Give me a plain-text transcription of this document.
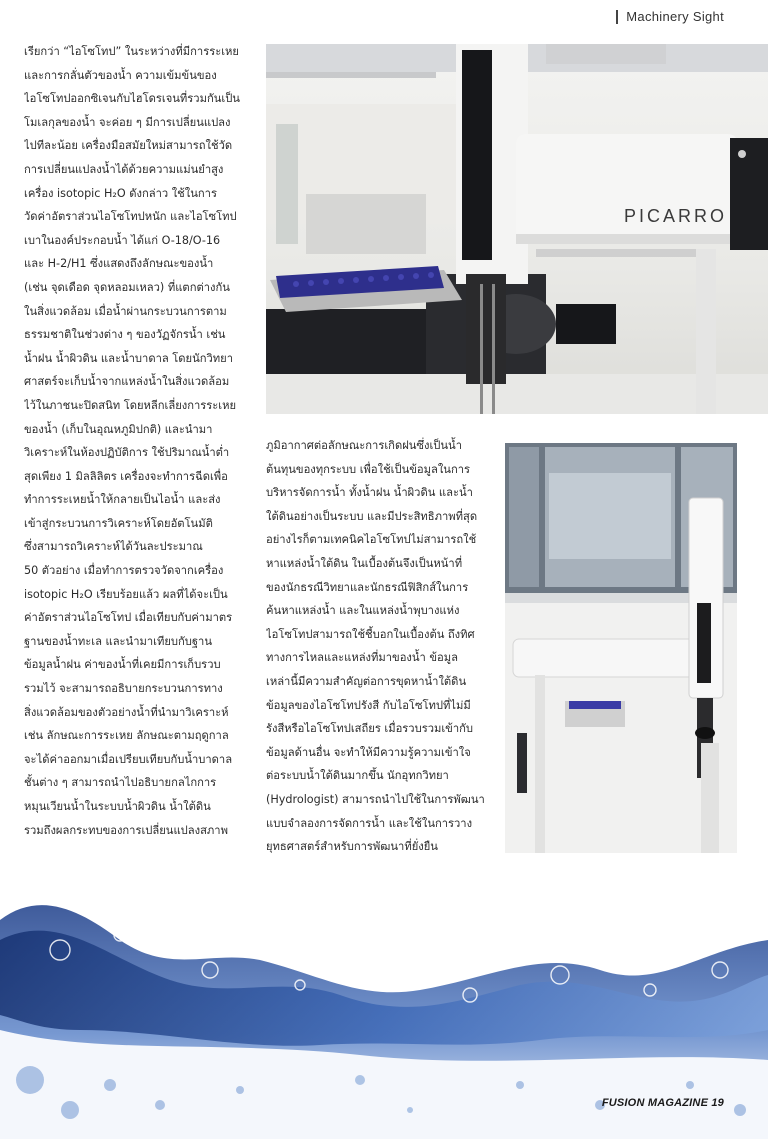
Machinery Sight
เรียกว่า “ไอโซโทป” ในระหว่างที่มีการระเหย
และการกลั่นตัวของน้ำ ความเข้มข้นของ
ไอโซโทปออกซิเจนกับไฮโดรเจนที่รวมกันเป็น
โมเลกุลของน้ำ จะค่อย ๆ มีการเปลี่ยนแปลง
ไปทีละน้อย เครื่องมือสมัยใหม่สามารถใช้วัด
การเปลี่ยนแปลงน้ำได้ด้วยความแม่นยำสูง
เครื่อง isotopic H₂O ดังกล่าว ใช้ในการ
วัดค่าอัตราส่วนไอโซโทปหนัก และไอโซโทป
เบาในองค์ประกอบน้ำ ได้แก่ O-18/O-16
และ H-2/H1 ซึ่งแสดงถึงลักษณะของน้ำ
(เช่น จุดเดือด จุดหลอมเหลว) ที่แตกต่างกัน
ในสิ่งแวดล้อม เมื่อน้ำผ่านกระบวนการตาม
ธรรมชาติในช่วงต่าง ๆ ของวัฏจักรน้ำ เช่น
น้ำฝน น้ำผิวดิน และน้ำบาดาล โดยนักวิทยา
ศาสตร์จะเก็บน้ำจากแหล่งน้ำในสิ่งแวดล้อม
ไว้ในภาชนะปิดสนิท โดยหลีกเลี่ยงการระเหย
ของน้ำ (เก็บในอุณหภูมิปกติ) และนำมา
วิเคราะห์ในห้องปฏิบัติการ ใช้ปริมาณน้ำต่ำ
สุดเพียง 1 มิลลิลิตร เครื่องจะทำการฉีดเพื่อ
ทำการระเหยน้ำให้กลายเป็นไอน้ำ และส่ง
เข้าสู่กระบวนการวิเคราะห์โดยอัตโนมัติ
ซึ่งสามารถวิเคราะห์ได้วันละประมาณ
50 ตัวอย่าง เมื่อทำการตรวจวัดจากเครื่อง
isotopic H₂O เรียบร้อยแล้ว ผลที่ได้จะเป็น
ค่าอัตราส่วนไอโซโทป เมื่อเทียบกับค่ามาตร
ฐานของน้ำทะเล และนำมาเทียบกับฐาน
ข้อมูลน้ำฝน ค่าของน้ำที่เคยมีการเก็บรวบ
รวมไว้ จะสามารถอธิบายกระบวนการทาง
สิ่งแวดล้อมของตัวอย่างน้ำที่นำมาวิเคราะห์
เช่น ลักษณะการระเหย ลักษณะตามฤดูกาล
จะได้ค่าออกมาเมื่อเปรียบเทียบกับน้ำบาดาล
ชั้นต่าง ๆ สามารถนำไปอธิบายกลไกการ
หมุนเวียนน้ำในระบบน้ำผิวดิน น้ำใต้ดิน
รวมถึงผลกระทบของการเปลี่ยนแปลงสภาพ
ภูมิอากาศต่อลักษณะการเกิดฝนซึ่งเป็นน้ำ
ต้นทุนของทุกระบบ เพื่อใช้เป็นข้อมูลในการ
บริหารจัดการน้ำ ทั้งน้ำฝน น้ำผิวดิน และน้ำ
ใต้ดินอย่างเป็นระบบ และมีประสิทธิภาพที่สุด
อย่างไรก็ตามเทคนิคไอโซโทปไม่สามารถใช้
หาแหล่งน้ำใต้ดิน ในเบื้องต้นจึงเป็นหน้าที่
ของนักธรณีวิทยาและนักธรณีฟิสิกส์ในการ
ค้นหาแหล่งน้ำ และในแหล่งน้ำพุบางแห่ง
ไอโซโทปสามารถใช้ชี้บอกในเบื้องต้น ถึงทิศ
ทางการไหลและแหล่งที่มาของน้ำ ข้อมูล
เหล่านี้มีความสำคัญต่อการขุดหาน้ำใต้ดิน
ข้อมูลของไอโซโทปรังสี กับไอโซโทปที่ไม่มี
รังสีหรือไอโซโทปเสถียร เมื่อรวบรวมเข้ากับ
ข้อมูลด้านอื่น จะทำให้มีความรู้ความเข้าใจ
ต่อระบบน้ำใต้ดินมากขึ้น นักอุทกวิทยา
(Hydrologist) สามารถนำไปใช้ในการพัฒนา
แบบจำลองการจัดการน้ำ และใช้ในการวาง
ยุทธศาสตร์สำหรับการพัฒนาที่ยั่งยืน
PICARRO
FUSION MAGAZINE 19
